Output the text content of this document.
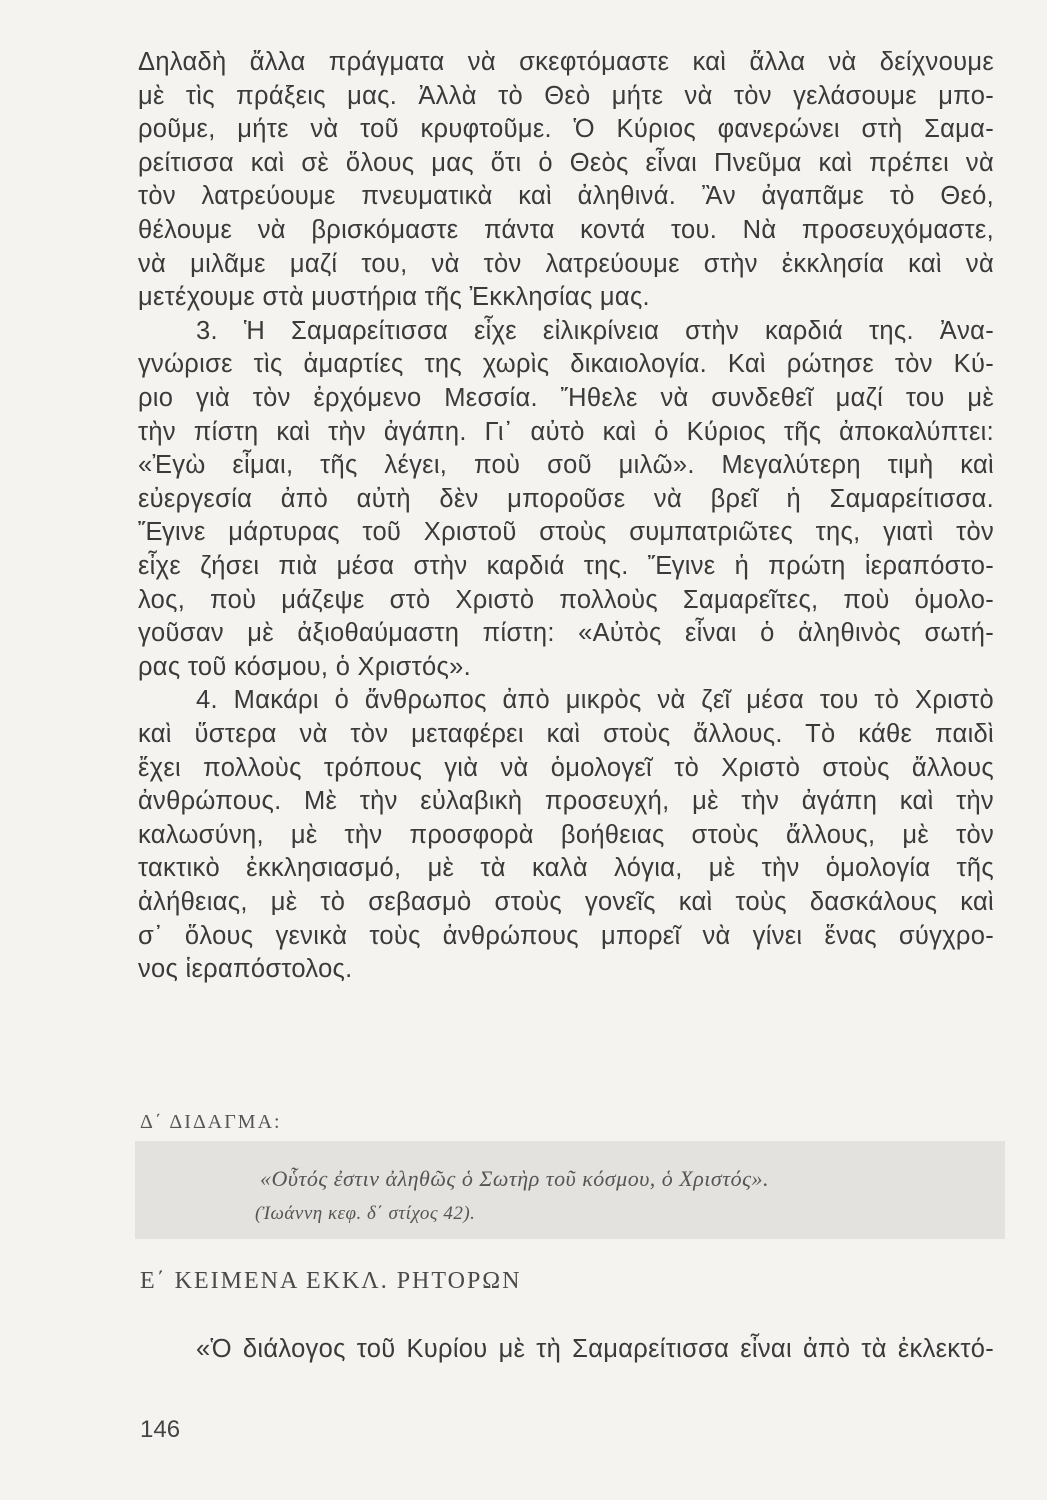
Δηλαδὴ ἄλλα πράγματα νὰ σκεφτόμαστε καὶ ἄλλα νὰ δείχνουμε
μὲ τὶς πράξεις μας. Ἀλλὰ τὸ Θεὸ μήτε νὰ τὸν γελάσουμε μπο-
ροῦμε, μήτε νὰ τοῦ κρυφτοῦμε. Ὁ Κύριος φανερώνει στὴ Σαμα-
ρείτισσα καὶ σὲ ὅλους μας ὅτι ὁ Θεὸς εἶναι Πνεῦμα καὶ πρέπει νὰ
τὸν λατρεύουμε πνευματικὰ καὶ ἀληθινά. Ἂν ἀγαπᾶμε τὸ Θεό,
θέλουμε νὰ βρισκόμαστε πάντα κοντά του. Νὰ προσευχόμαστε,
νὰ μιλᾶμε μαζί του, νὰ τὸν λατρεύουμε στὴν ἐκκλησία καὶ νὰ
μετέχουμε στὰ μυστήρια τῆς Ἐκκλησίας μας.
3. Ἡ Σαμαρείτισσα εἶχε εἰλικρίνεια στὴν καρδιά της. Ἀνα-
γνώρισε τὶς ἁμαρτίες της χωρὶς δικαιολογία. Καὶ ρώτησε τὸν Κύ-
ριο γιὰ τὸν ἐρχόμενο Μεσσία. Ἤθελε νὰ συνδεθεῖ μαζί του μὲ
τὴν πίστη καὶ τὴν ἀγάπη. Γι᾿ αὐτὸ καὶ ὁ Κύριος τῆς ἀποκαλύπτει:
«Ἐγὼ εἶμαι, τῆς λέγει, ποὺ σοῦ μιλῶ». Μεγαλύτερη τιμὴ καὶ
εὐεργεσία ἀπὸ αὐτὴ δὲν μποροῦσε νὰ βρεῖ ἡ Σαμαρείτισσα.
Ἔγινε μάρτυρας τοῦ Χριστοῦ στοὺς συμπατριῶτες της, γιατὶ τὸν
εἶχε ζήσει πιὰ μέσα στὴν καρδιά της. Ἔγινε ἡ πρώτη ἱεραπόστο-
λος, ποὺ μάζεψε στὸ Χριστὸ πολλοὺς Σαμαρεῖτες, ποὺ ὁμολο-
γοῦσαν μὲ ἀξιοθαύμαστη πίστη: «Αὐτὸς εἶναι ὁ ἀληθινὸς σωτή-
ρας τοῦ κόσμου, ὁ Χριστός».
4. Μακάρι ὁ ἄνθρωπος ἀπὸ μικρὸς νὰ ζεῖ μέσα του τὸ Χριστὸ
καὶ ὕστερα νὰ τὸν μεταφέρει καὶ στοὺς ἄλλους. Τὸ κάθε παιδὶ
ἔχει πολλοὺς τρόπους γιὰ νὰ ὁμολογεῖ τὸ Χριστὸ στοὺς ἄλλους
ἀνθρώπους. Μὲ τὴν εὐλαβικὴ προσευχή, μὲ τὴν ἀγάπη καὶ τὴν
καλωσύνη, μὲ τὴν προσφορὰ βοήθειας στοὺς ἄλλους, μὲ τὸν
τακτικὸ ἐκκλησιασμό, μὲ τὰ καλὰ λόγια, μὲ τὴν ὁμολογία τῆς
ἀλήθειας, μὲ τὸ σεβασμὸ στοὺς γονεῖς καὶ τοὺς δασκάλους καὶ
σ᾿ ὅλους γενικὰ τοὺς ἀνθρώπους μπορεῖ νὰ γίνει ἕνας σύγχρο-
νος ἱεραπόστολος.
Δ΄ ΔΙΔΑΓΜΑ:
«Οὗτός ἐστιν ἀληθῶς ὁ Σωτὴρ τοῦ κόσμου, ὁ Χριστός».
(Ἰωάννη κεφ. δ΄ στίχος 42).
Ε΄ ΚΕΙΜΕΝΑ ΕΚΚΛ. ΡΗΤΟΡΩΝ
«Ὁ διάλογος τοῦ Κυρίου μὲ τὴ Σαμαρείτισσα εἶναι ἀπὸ τὰ ἐκλεκτό-
146
